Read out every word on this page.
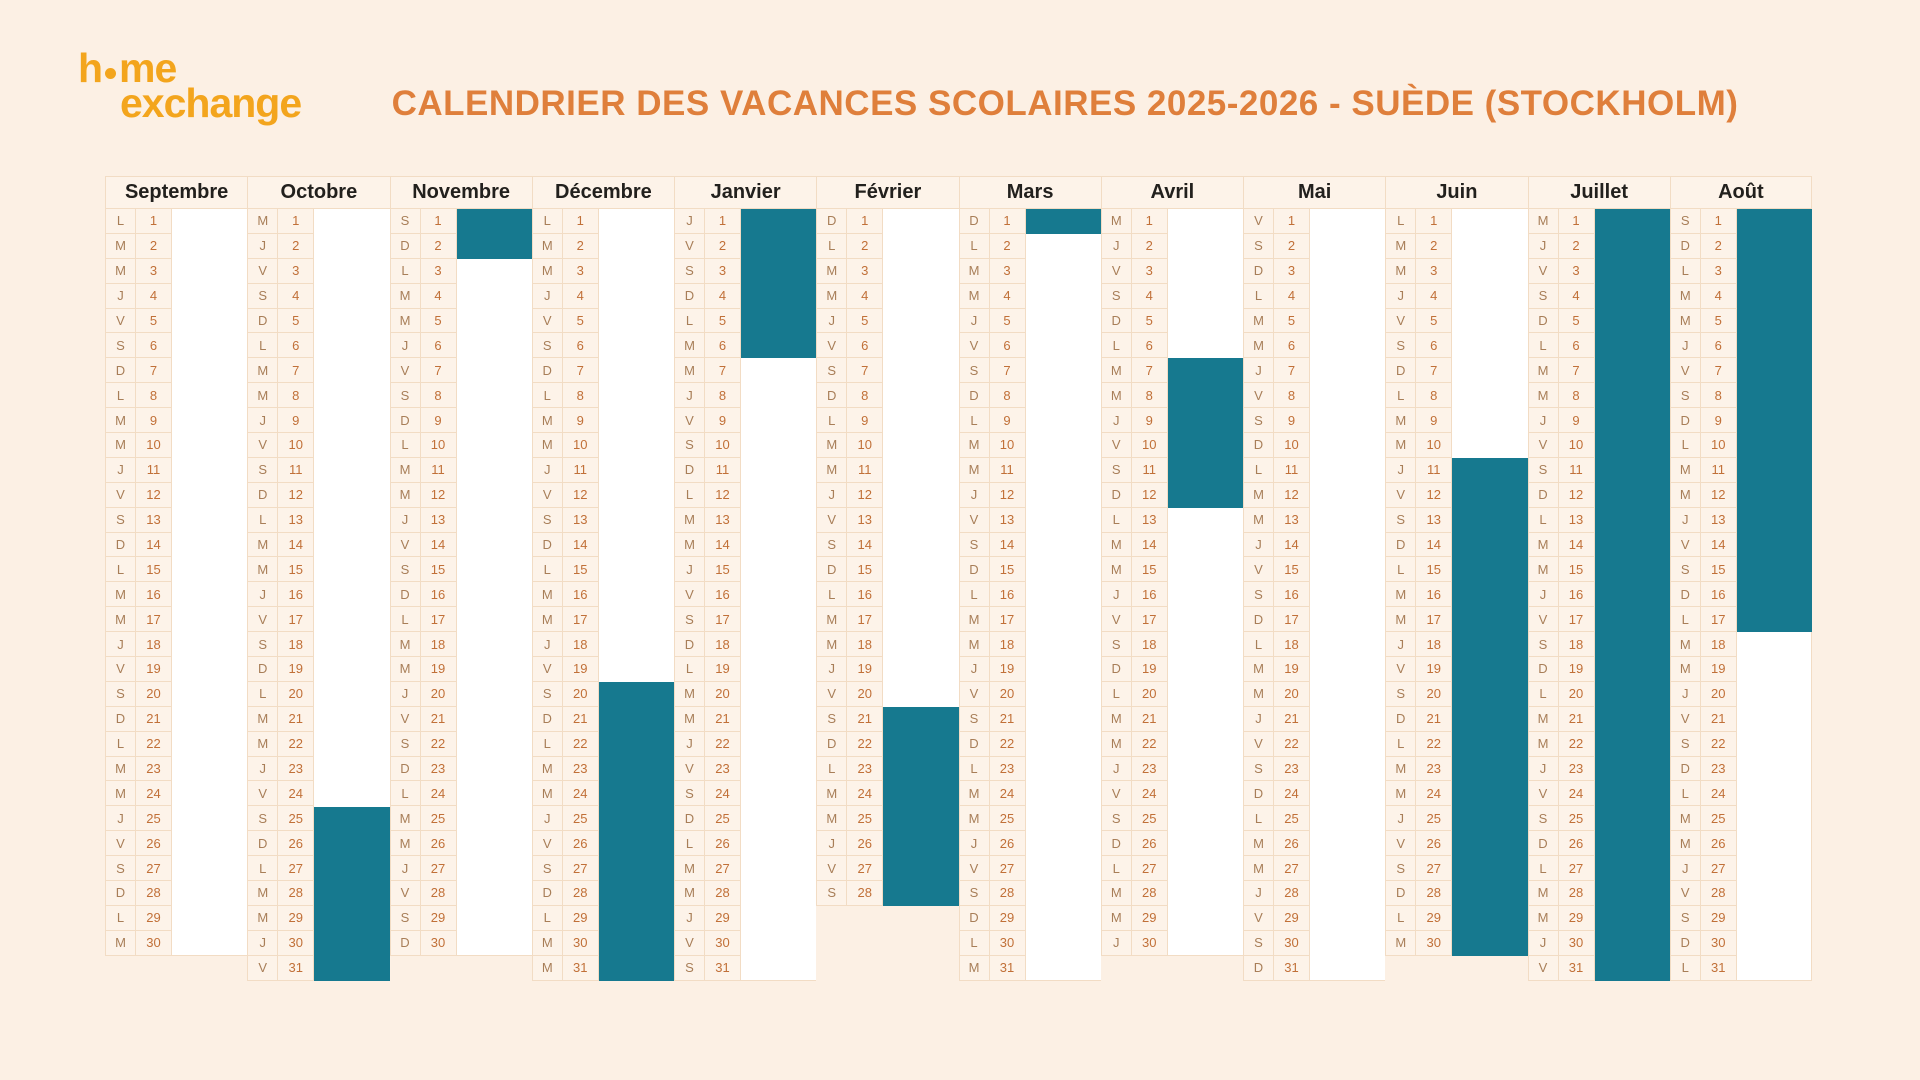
h me
exchange	CALENDRIER DES VACANCES SCOLAIRES 2025-2026 - SUÈDE (STOCKHOLM)
Septembre
L	1
M	2
M	3
J	4
V	5
S	6
D	7
L	8
M	9
M	10
J	11
V	12
S	13
D	14
L	15
M	16
M	17
J	18
V	19
S	20
D	21
L	22
M	23
M	24
J	25
V	26
S	27
D	28
L	29
M	30
Octobre
M	1
J	2
V	3
S	4
D	5
L	6
M	7
M	8
J	9
V	10
S	11
D	12
L	13
M	14
M	15
J	16
V	17
S	18
D	19
L	20
M	21
M	22
J	23
V	24
S	25
D	26
L	27
M	28
M	29
J	30
V	31
Novembre
S	1
D	2
L	3
M	4
M	5
J	6
V	7
S	8
D	9
L	10
M	11
M	12
J	13
V	14
S	15
D	16
L	17
M	18
M	19
J	20
V	21
S	22
D	23
L	24
M	25
M	26
J	27
V	28
S	29
D	30
Décembre
L	1
M	2
M	3
J	4
V	5
S	6
D	7
L	8
M	9
M	10
J	11
V	12
S	13
D	14
L	15
M	16
M	17
J	18
V	19
S	20
D	21
L	22
M	23
M	24
J	25
V	26
S	27
D	28
L	29
M	30
M	31
Janvier
J	1
V	2
S	3
D	4
L	5
M	6
M	7
J	8
V	9
S	10
D	11
L	12
M	13
M	14
J	15
V	16
S	17
D	18
L	19
M	20
M	21
J	22
V	23
S	24
D	25
L	26
M	27
M	28
J	29
V	30
S	31
Février
D	1
L	2
M	3
M	4
J	5
V	6
S	7
D	8
L	9
M	10
M	11
J	12
V	13
S	14
D	15
L	16
M	17
M	18
J	19
V	20
S	21
D	22
L	23
M	24
M	25
J	26
V	27
S	28
Mars
D	1
L	2
M	3
M	4
J	5
V	6
S	7
D	8
L	9
M	10
M	11
J	12
V	13
S	14
D	15
L	16
M	17
M	18
J	19
V	20
S	21
D	22
L	23
M	24
M	25
J	26
V	27
S	28
D	29
L	30
M	31
Avril
M	1
J	2
V	3
S	4
D	5
L	6
M	7
M	8
J	9
V	10
S	11
D	12
L	13
M	14
M	15
J	16
V	17
S	18
D	19
L	20
M	21
M	22
J	23
V	24
S	25
D	26
L	27
M	28
M	29
J	30
Mai
V	1
S	2
D	3
L	4
M	5
M	6
J	7
V	8
S	9
D	10
L	11
M	12
M	13
J	14
V	15
S	16
D	17
L	18
M	19
M	20
J	21
V	22
S	23
D	24
L	25
M	26
M	27
J	28
V	29
S	30
D	31
Juin
L	1
M	2
M	3
J	4
V	5
S	6
D	7
L	8
M	9
M	10
J	11
V	12
S	13
D	14
L	15
M	16
M	17
J	18
V	19
S	20
D	21
L	22
M	23
M	24
J	25
V	26
S	27
D	28
L	29
M	30
Juillet
M	1
J	2
V	3
S	4
D	5
L	6
M	7
M	8
J	9
V	10
S	11
D	12
L	13
M	14
M	15
J	16
V	17
S	18
D	19
L	20
M	21
M	22
J	23
V	24
S	25
D	26
L	27
M	28
M	29
J	30
V	31
Août
S	1
D	2
L	3
M	4
M	5
J	6
V	7
S	8
D	9
L	10
M	11
M	12
J	13
V	14
S	15
D	16
L	17
M	18
M	19
J	20
V	21
S	22
D	23
L	24
M	25
M	26
J	27
V	28
S	29
D	30
L	31
